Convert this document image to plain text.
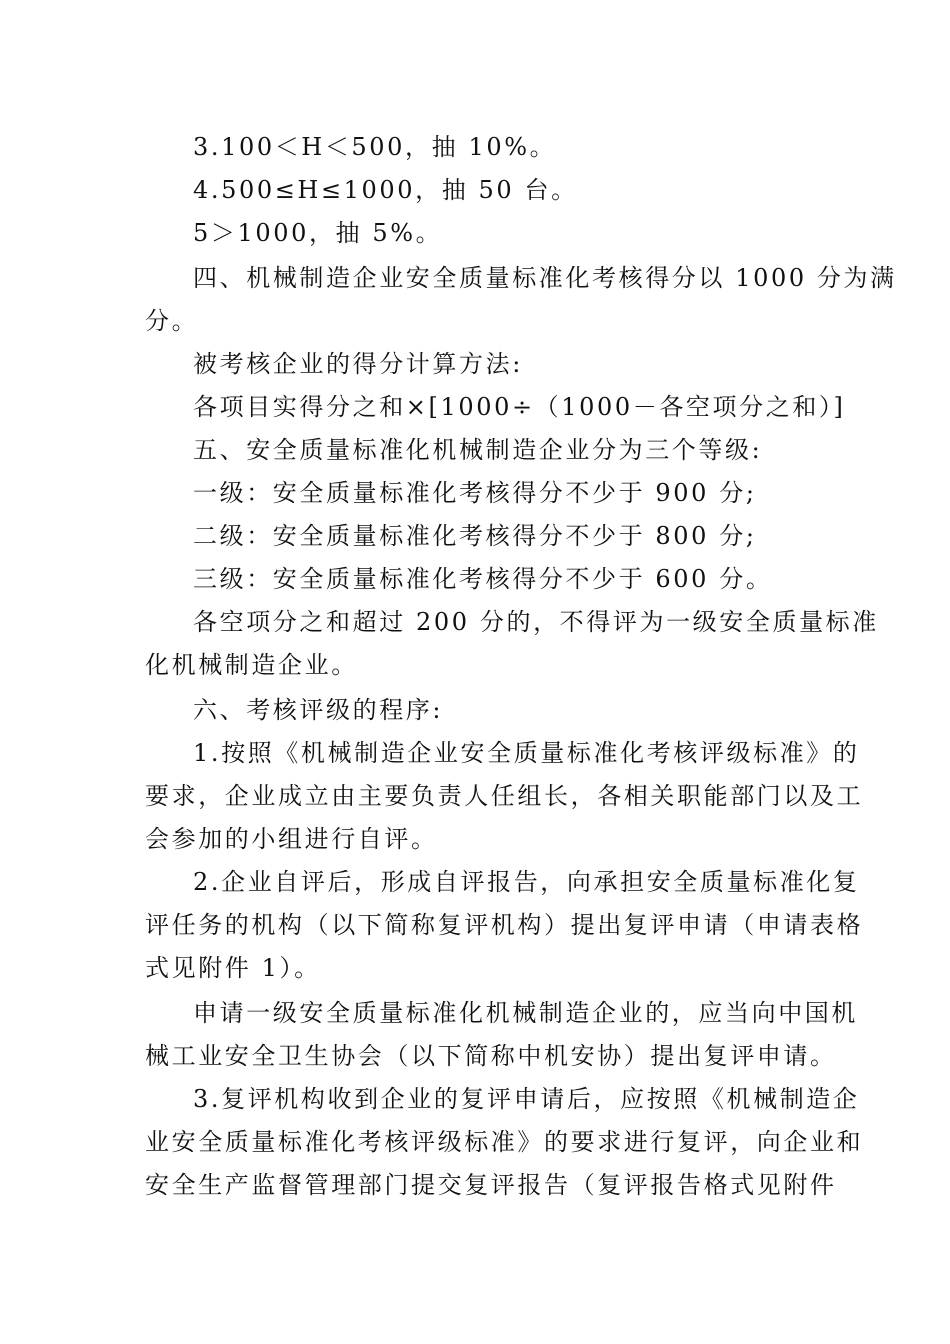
3.100＜H＜500，抽 10%。
4.500≤H≤1000，抽 50 台。
5＞1000，抽 5%。
四、机械制造企业安全质量标准化考核得分以 1000 分为满
分。
被考核企业的得分计算方法:
各项目实得分之和×[1000÷（1000－各空项分之和）]
五、安全质量标准化机械制造企业分为三个等级:
一级：安全质量标准化考核得分不少于 900 分;
二级：安全质量标准化考核得分不少于 800 分;
三级：安全质量标准化考核得分不少于 600 分。
各空项分之和超过 200 分的，不得评为一级安全质量标准
化机械制造企业。
六、考核评级的程序:
1.按照《机械制造企业安全质量标准化考核评级标准》的
要求，企业成立由主要负责人任组长，各相关职能部门以及工
会参加的小组进行自评。
2.企业自评后，形成自评报告，向承担安全质量标准化复
评任务的机构（以下简称复评机构）提出复评申请（申请表格
式见附件 1）。
申请一级安全质量标准化机械制造企业的，应当向中国机
械工业安全卫生协会（以下简称中机安协）提出复评申请。
3.复评机构收到企业的复评申请后，应按照《机械制造企
业安全质量标准化考核评级标准》的要求进行复评，向企业和
安全生产监督管理部门提交复评报告（复评报告格式见附件
